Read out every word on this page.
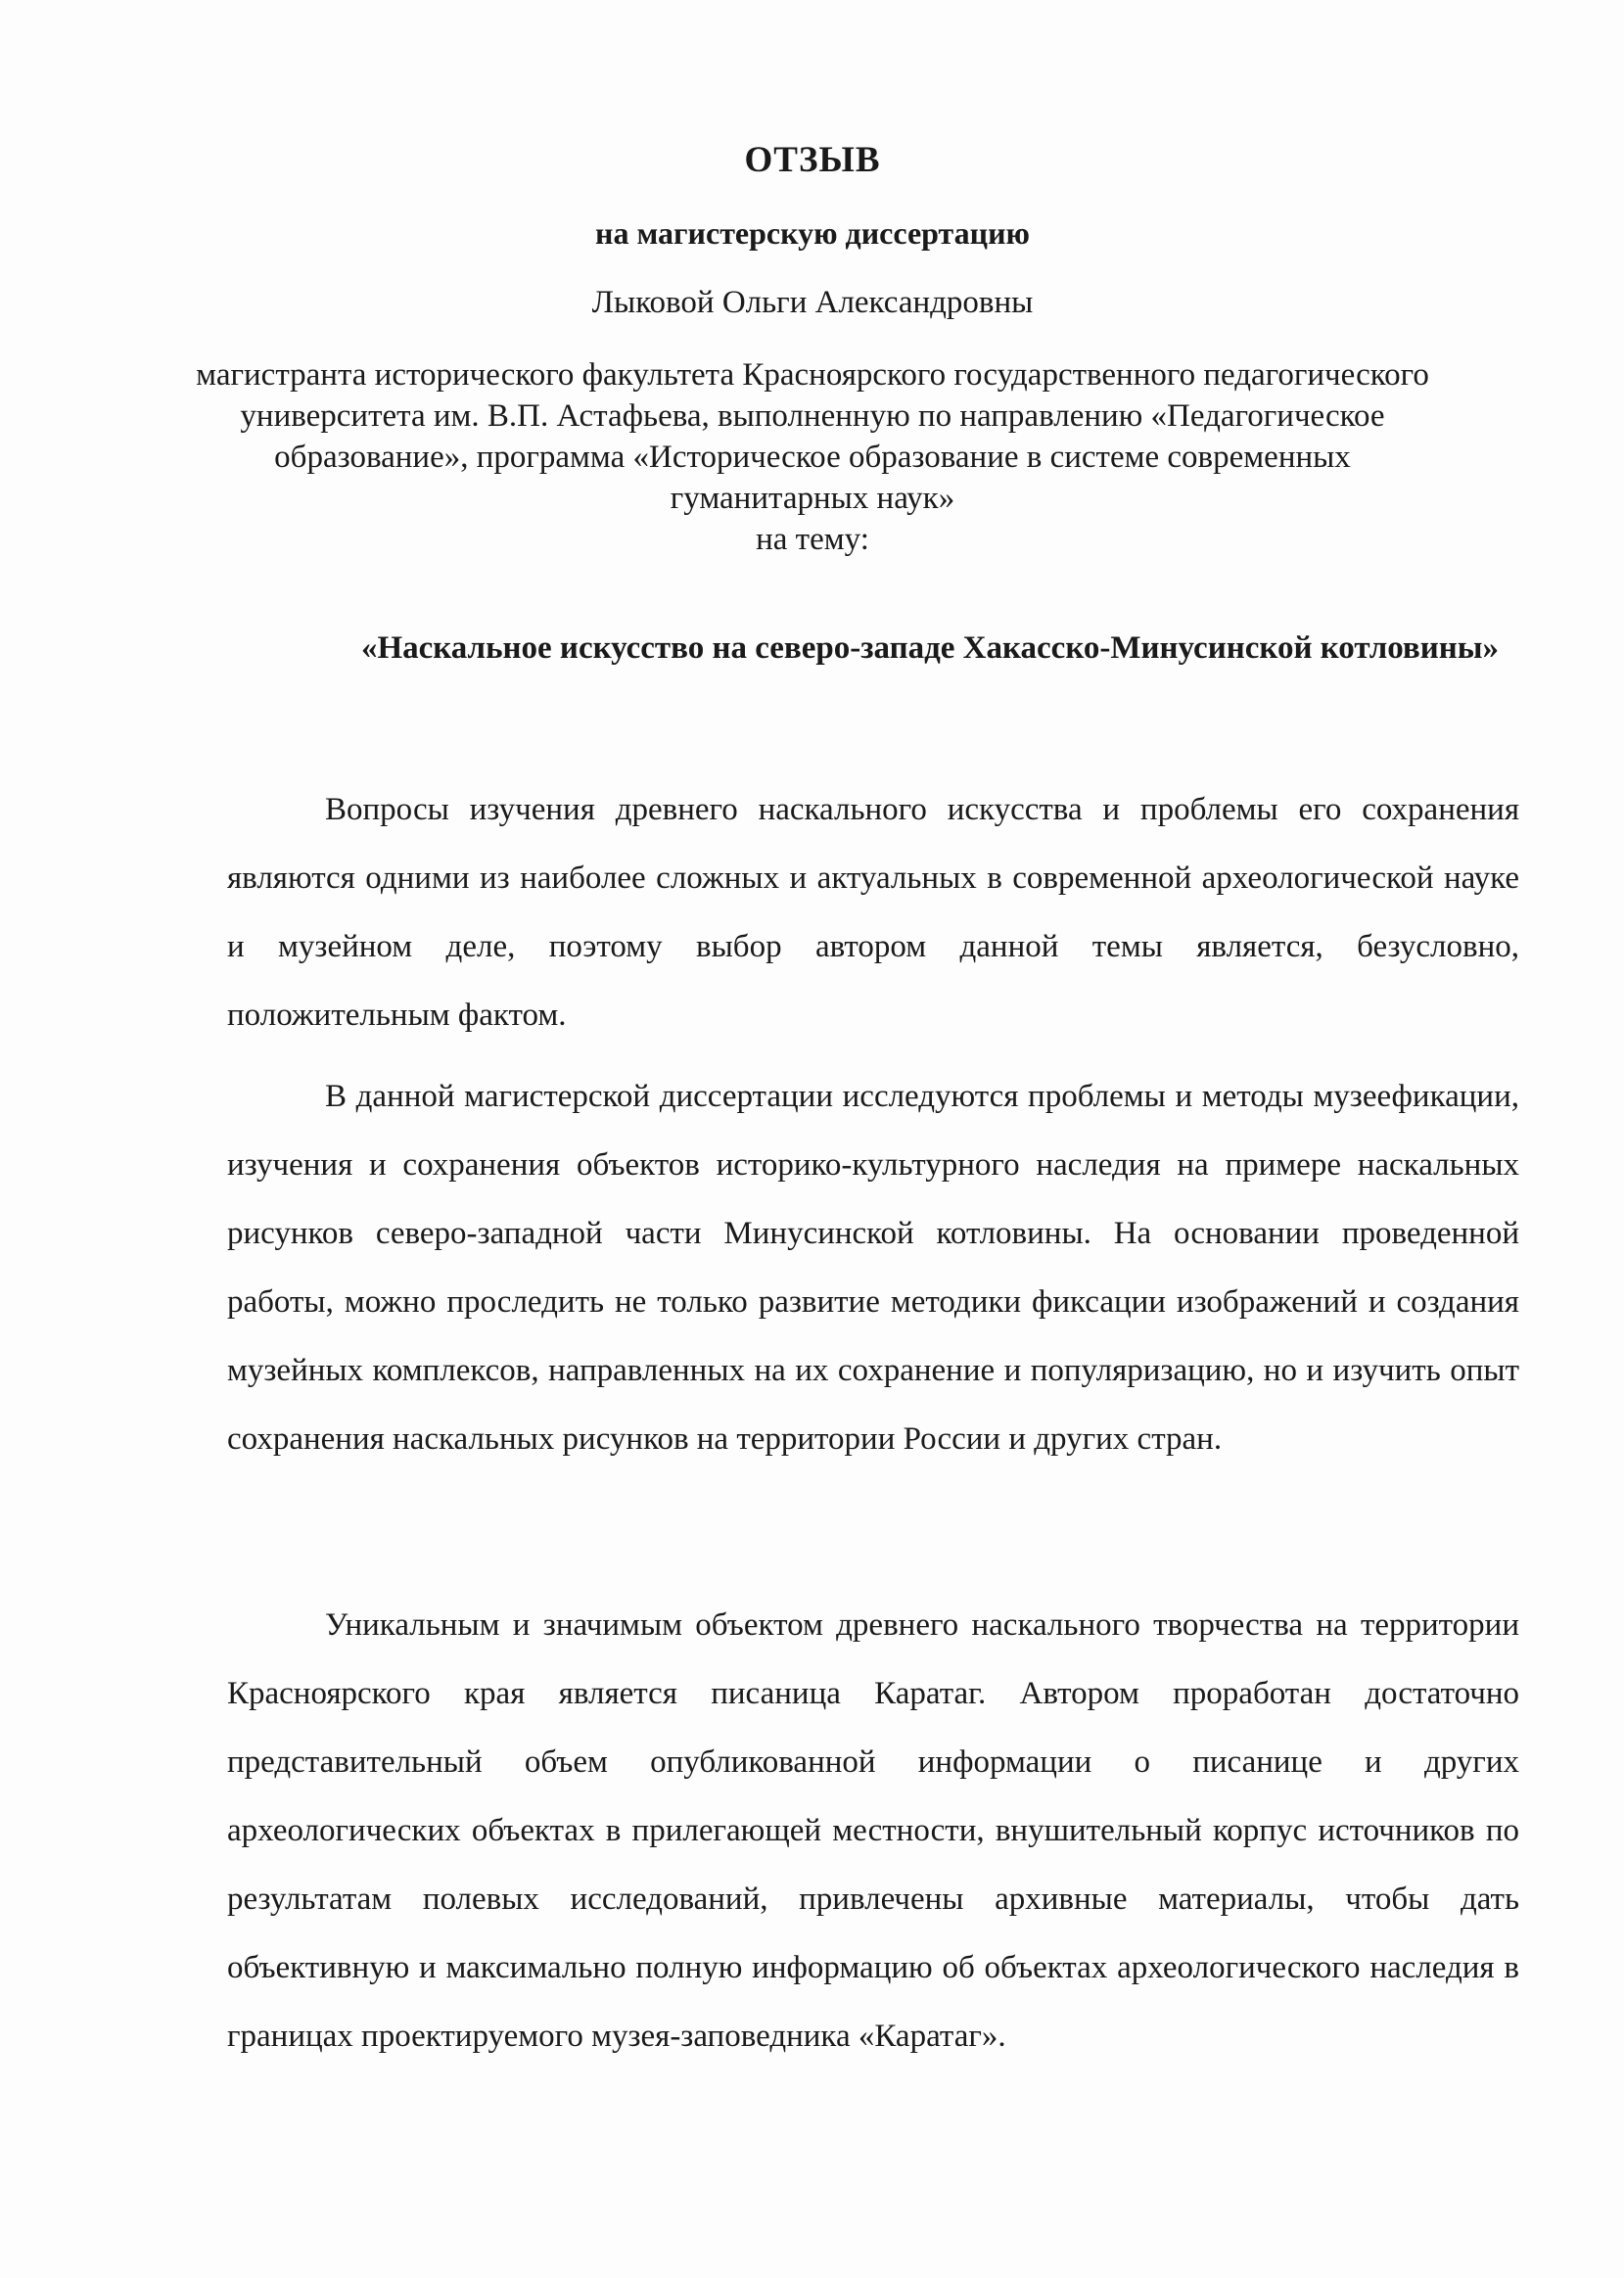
ОТЗЫВ
на магистерскую диссертацию
Лыковой Ольги Александровны
магистранта исторического факультета Красноярского государственного педагогического университета им. В.П. Астафьева, выполненную по направлению «Педагогическое образование», программа «Историческое образование в системе современных гуманитарных наук»
на тему:
«Наскальное искусство на северо-западе Хакасско-Минусинской котловины»

Вопросы изучения древнего наскального искусства и проблемы его сохранения являются одними из наиболее сложных и актуальных в современной археологической науке и музейном деле, поэтому выбор автором данной темы является, безусловно, положительным фактом.

В данной магистерской диссертации исследуются проблемы и методы музеефикации, изучения и сохранения объектов историко-культурного наследия на примере наскальных рисунков северо-западной части Минусинской котловины. На основании проведенной работы, можно проследить не только развитие методики фиксации изображений и создания музейных комплексов, направленных на их сохранение и популяризацию, но и изучить опыт сохранения наскальных рисунков на территории России и других стран.

Уникальным и значимым объектом древнего наскального творчества на территории Красноярского края является писаница Каратаг. Автором проработан достаточно представительный объем опубликованной информации о писанице и других археологических объектах в прилегающей местности, внушительный корпус источников по результатам полевых исследований, привлечены архивные материалы, чтобы дать объективную и максимально полную информацию об объектах археологического наследия в границах проектируемого музея-заповедника «Каратаг».
